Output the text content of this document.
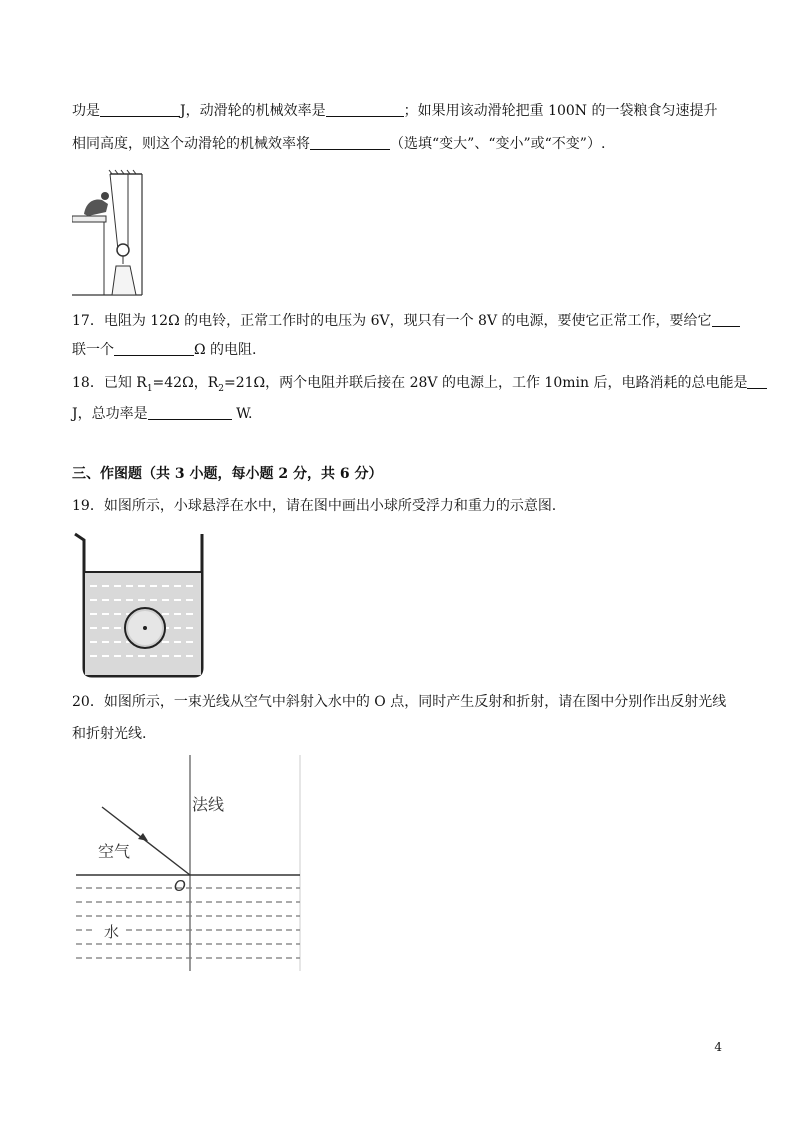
功是	J，动滑轮的机械效率是	；如果用该动滑轮把重 100N 的一袋粮食匀速提升
相同高度，则这个动滑轮的机械效率将	（选填“变大”、“变小”或“不变”）.
17．电阻为 12Ω 的电铃，正常工作时的电压为 6V，现只有一个 8V 的电源，要使它正常工作，要给它
联一个	Ω 的电阻.
18．已知 $R_1=42\Omega$，$R_2=21\Omega$，两个电阻并联后接在 28V 的电源上，工作 10min 后，电路消耗的总电能是
J，总功率是	W.
三、作图题（共 3 小题，每小题 2 分，共 6 分）
19．如图所示，小球悬浮在水中，请在图中画出小球所受浮力和重力的示意图.
20．如图所示，一束光线从空气中斜射入水中的 O 点，同时产生反射和折射，请在图中分别作出反射光线
和折射光线.
法线
空气
O
水
4
